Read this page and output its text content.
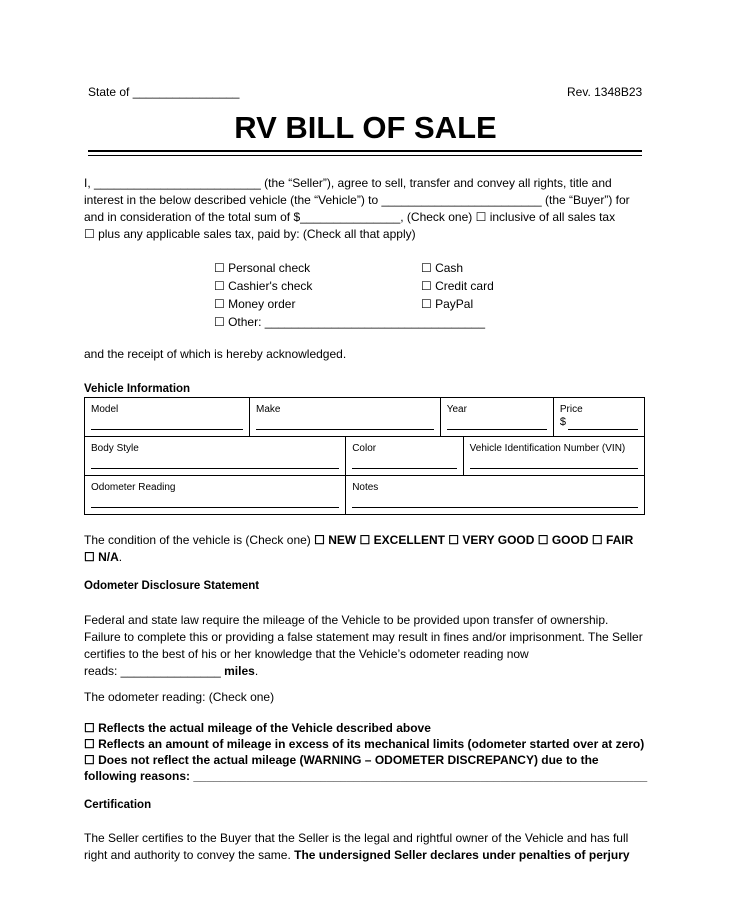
State of ________________	Rev. 1348B23
RV BILL OF SALE
I, _________________________ (the “Seller”), agree to sell, transfer and convey all rights, title and
interest in the below described vehicle (the “Vehicle”) to ________________________ (the “Buyer”) for
and in consideration of the total sum of $_______________, (Check one) ☐ inclusive of all sales tax
☐ plus any applicable sales tax, paid by: (Check all that apply)
☐ Personal check
☐ Cashier's check
☐ Money order
☐ Other: _________________________________
☐ Cash
☐ Credit card
☐ PayPal
and the receipt of which is hereby acknowledged.
Vehicle Information
Model	Make		Year		Price
$

Body Style		Color		Vehicle Identification Number (VIN)	

Odometer Reading		Notes			
The condition of the vehicle is (Check one) ☐ NEW ☐ EXCELLENT ☐ VERY GOOD ☐ GOOD ☐ FAIR
☐ N/A.
Odometer Disclosure Statement
Federal and state law require the mileage of the Vehicle to be provided upon transfer of ownership.
Failure to complete this or providing a false statement may result in fines and/or imprisonment. The Seller
certifies to the best of his or her knowledge that the Vehicle’s odometer reading now
reads: _______________ miles.
The odometer reading: (Check one)
☐ Reflects the actual mileage of the Vehicle described above
☐ Reflects an amount of mileage in excess of its mechanical limits (odometer started over at zero)
☐ Does not reflect the actual mileage (WARNING – ODOMETER DISCREPANCY) due to the
following reasons: ____________________________________________________________________
Certification
The Seller certifies to the Buyer that the Seller is the legal and rightful owner of the Vehicle and has full
right and authority to convey the same. The undersigned Seller declares under penalties of perjury
